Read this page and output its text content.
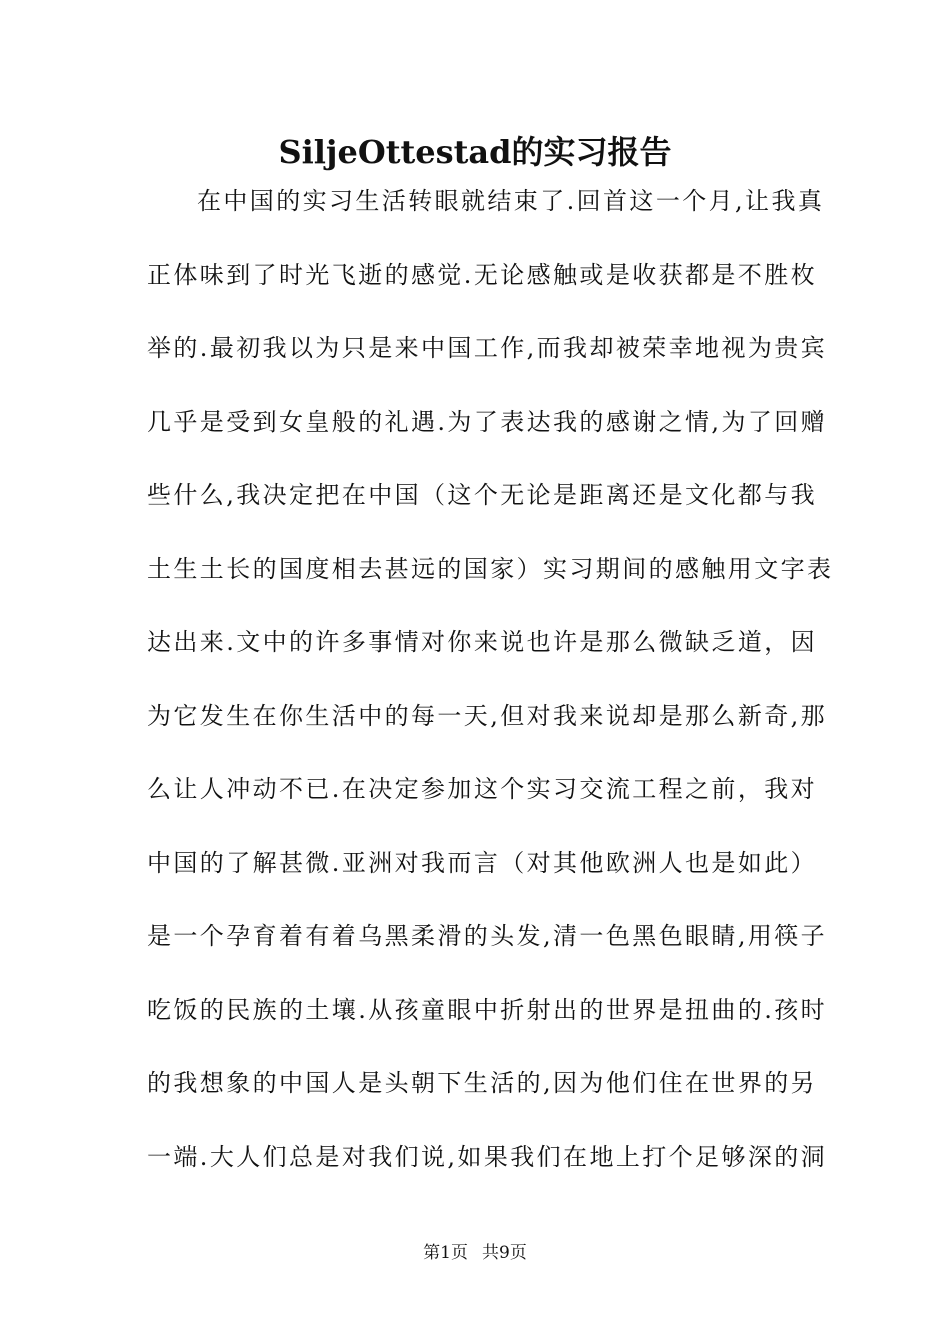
SiljeOttestad的实习报告
在中国的实习生活转眼就结束了.回首这一个月,让我真
正体味到了时光飞逝的感觉.无论感触或是收获都是不胜枚
举的.最初我以为只是来中国工作,而我却被荣幸地视为贵宾
几乎是受到女皇般的礼遇.为了表达我的感谢之情,为了回赠
些什么,我决定把在中国（这个无论是距离还是文化都与我
土生土长的国度相去甚远的国家）实习期间的感触用文字表
达出来.文中的许多事情对你来说也许是那么微缺乏道，因
为它发生在你生活中的每一天,但对我来说却是那么新奇,那
么让人冲动不已.在决定参加这个实习交流工程之前，我对
中国的了解甚微.亚洲对我而言（对其他欧洲人也是如此）
是一个孕育着有着乌黑柔滑的头发,清一色黑色眼睛,用筷子
吃饭的民族的土壤.从孩童眼中折射出的世界是扭曲的.孩时
的我想象的中国人是头朝下生活的,因为他们住在世界的另
一端.大人们总是对我们说,如果我们在地上打个足够深的洞
第1页 共9页
